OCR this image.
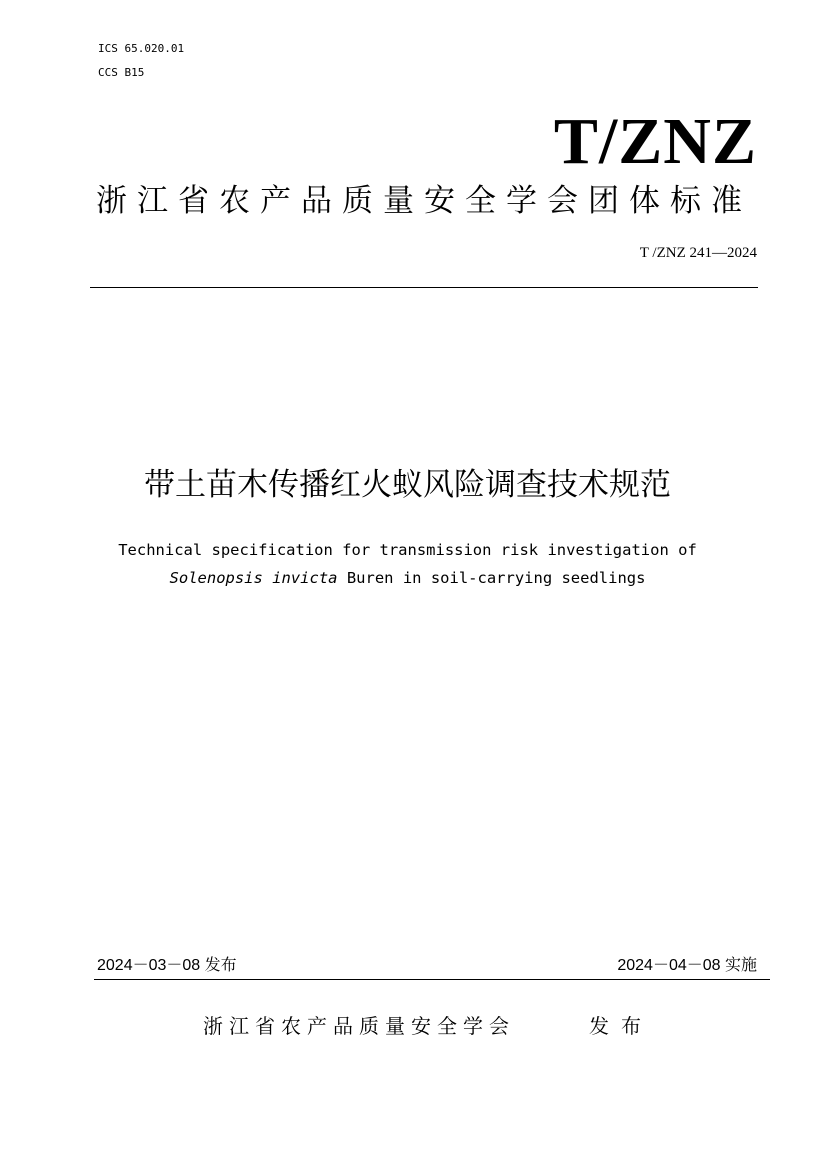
ICS 65.020.01
CCS B15
T/ZNZ
浙江省农产品质量安全学会团体标准
T /ZNZ 241—2024
带土苗木传播红火蚁风险调查技术规范
Technical specification for transmission risk investigation of
Solenopsis invicta Buren in soil-carrying seedlings
2024－03－08 发布	2024－04－08 实施
浙江省农产品质量安全学会	发布
